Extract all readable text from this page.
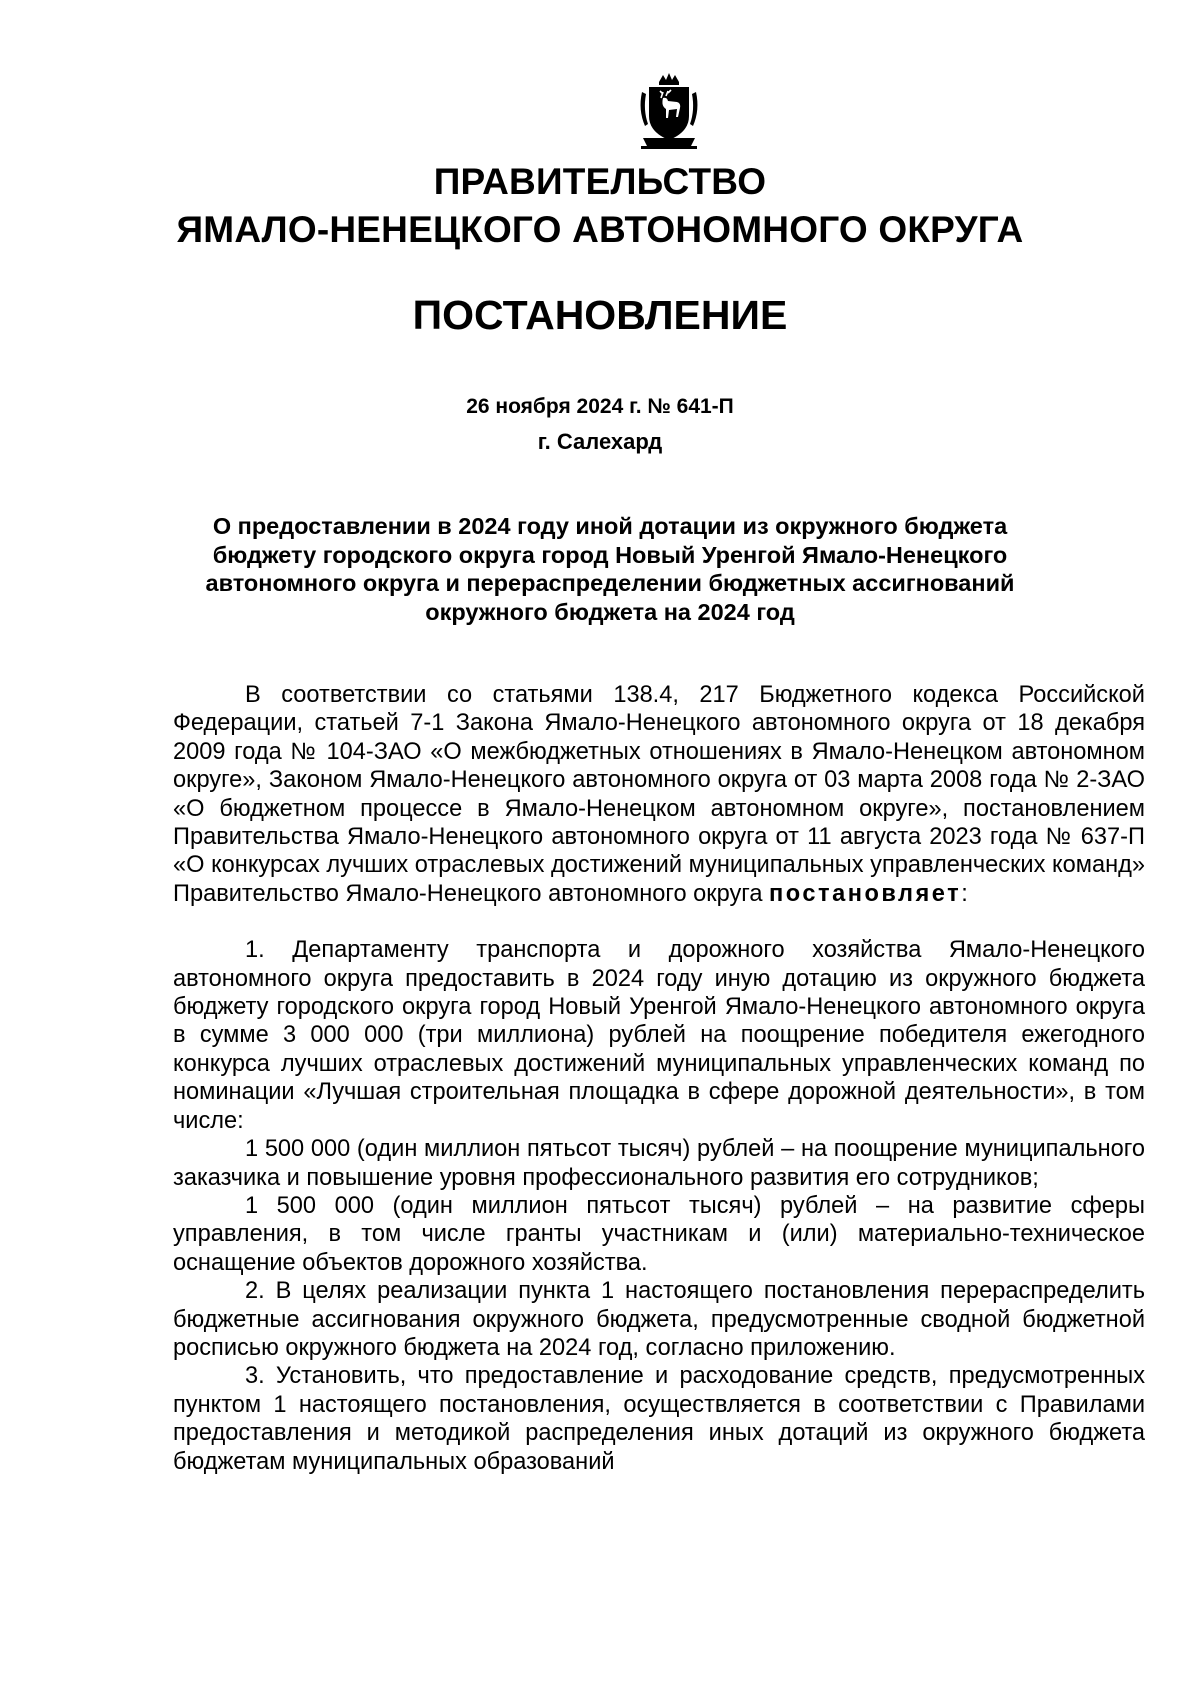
ПРАВИТЕЛЬСТВО
ЯМАЛО-НЕНЕЦКОГО АВТОНОМНОГО ОКРУГА
ПОСТАНОВЛЕНИЕ
26 ноября 2024 г. № 641-П
г. Салехард
О предоставлении в 2024 году иной дотации из окружного бюджета
бюджету городского округа город Новый Уренгой Ямало-Ненецкого
автономного округа и перераспределении бюджетных ассигнований
окружного бюджета на 2024 год

В соответствии со статьями 138.4, 217 Бюджетного кодекса Российской Федерации, статьей 7-1 Закона Ямало-Ненецкого автономного округа от 18 декабря 2009 года № 104-ЗАО «О межбюджетных отношениях в Ямало-Ненецком автономном округе», Законом Ямало-Ненецкого автономного округа от 03 марта 2008 года № 2-ЗАО «О бюджетном процессе в Ямало-Ненецком автономном округе», постановлением Правительства Ямало-Ненецкого автономного округа от 11 августа 2023 года № 637-П «О конкурсах лучших отраслевых достижений муниципальных управленческих команд» Правительство Ямало-Ненецкого автономного округа постановляет:

1. Департаменту транспорта и дорожного хозяйства Ямало-Ненецкого автономного округа предоставить в 2024 году иную дотацию из окружного бюджета бюджету городского округа город Новый Уренгой Ямало-Ненецкого автономного округа в сумме 3 000 000 (три миллиона) рублей на поощрение победителя ежегодного конкурса лучших отраслевых достижений муниципальных управленческих команд по номинации «Лучшая строительная площадка в сфере дорожной деятельности», в том числе:

1 500 000 (один миллион пятьсот тысяч) рублей – на поощрение муниципального заказчика и повышение уровня профессионального развития его сотрудников;

1 500 000 (один миллион пятьсот тысяч) рублей – на развитие сферы управления, в том числе гранты участникам и (или) материально-техническое оснащение объектов дорожного хозяйства.

2. В целях реализации пункта 1 настоящего постановления перераспределить бюджетные ассигнования окружного бюджета, предусмотренные сводной бюджетной росписью окружного бюджета на 2024 год, согласно приложению.

3. Установить, что предоставление и расходование средств, предусмотренных пунктом 1 настоящего постановления, осуществляется в соответствии с Правилами предоставления и методикой распределения иных дотаций из окружного бюджета бюджетам муниципальных образований
